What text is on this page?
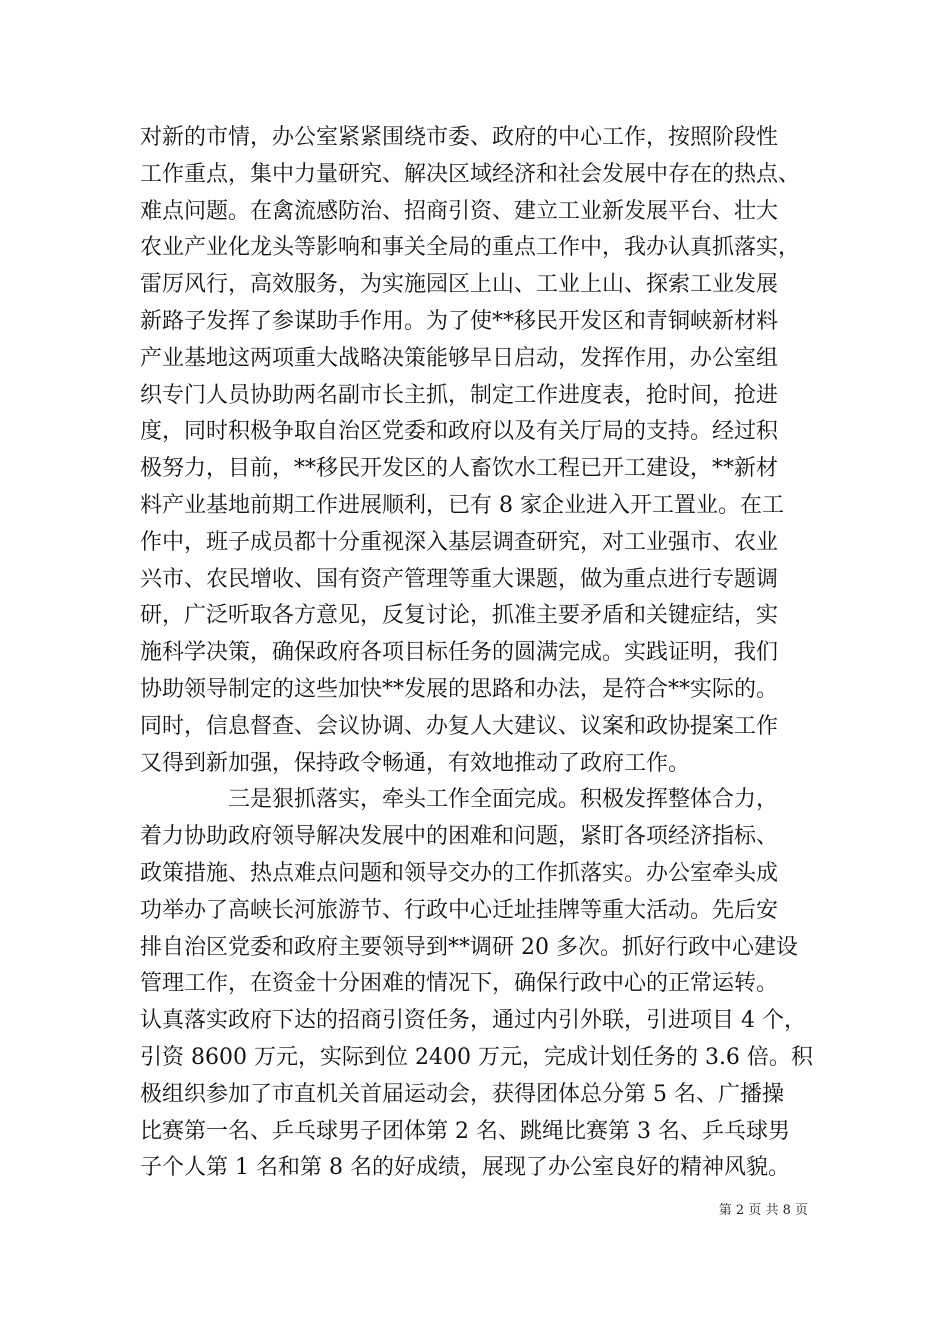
对新的市情，办公室紧紧围绕市委、政府的中心工作，按照阶段性
工作重点，集中力量研究、解决区域经济和社会发展中存在的热点、
难点问题。在禽流感防治、招商引资、建立工业新发展平台、壮大
农业产业化龙头等影响和事关全局的重点工作中，我办认真抓落实，
雷厉风行，高效服务，为实施园区上山、工业上山、探索工业发展
新路子发挥了参谋助手作用。为了使**移民开发区和青铜峡新材料
产业基地这两项重大战略决策能够早日启动，发挥作用，办公室组
织专门人员协助两名副市长主抓，制定工作进度表，抢时间，抢进
度，同时积极争取自治区党委和政府以及有关厅局的支持。经过积
极努力，目前，**移民开发区的人畜饮水工程已开工建设，**新材
料产业基地前期工作进展顺利，已有 8 家企业进入开工置业。在工
作中，班子成员都十分重视深入基层调查研究，对工业强市、农业
兴市、农民增收、国有资产管理等重大课题，做为重点进行专题调
研，广泛听取各方意见，反复讨论，抓准主要矛盾和关键症结，实
施科学决策，确保政府各项目标任务的圆满完成。实践证明，我们
协助领导制定的这些加快**发展的思路和办法，是符合**实际的。
同时，信息督查、会议协调、办复人大建议、议案和政协提案工作
又得到新加强，保持政令畅通，有效地推动了政府工作。
三是狠抓落实，牵头工作全面完成。积极发挥整体合力，
着力协助政府领导解决发展中的困难和问题，紧盯各项经济指标、
政策措施、热点难点问题和领导交办的工作抓落实。办公室牵头成
功举办了高峡长河旅游节、行政中心迁址挂牌等重大活动。先后安
排自治区党委和政府主要领导到**调研 20 多次。抓好行政中心建设
管理工作，在资金十分困难的情况下，确保行政中心的正常运转。
认真落实政府下达的招商引资任务，通过内引外联，引进项目 4 个，
引资 8600 万元，实际到位 2400 万元，完成计划任务的 3.6 倍。积
极组织参加了市直机关首届运动会，获得团体总分第 5 名、广播操
比赛第一名、乒乓球男子团体第 2 名、跳绳比赛第 3 名、乒乓球男
子个人第 1 名和第 8 名的好成绩，展现了办公室良好的精神风貌。
第 2 页 共 8 页
